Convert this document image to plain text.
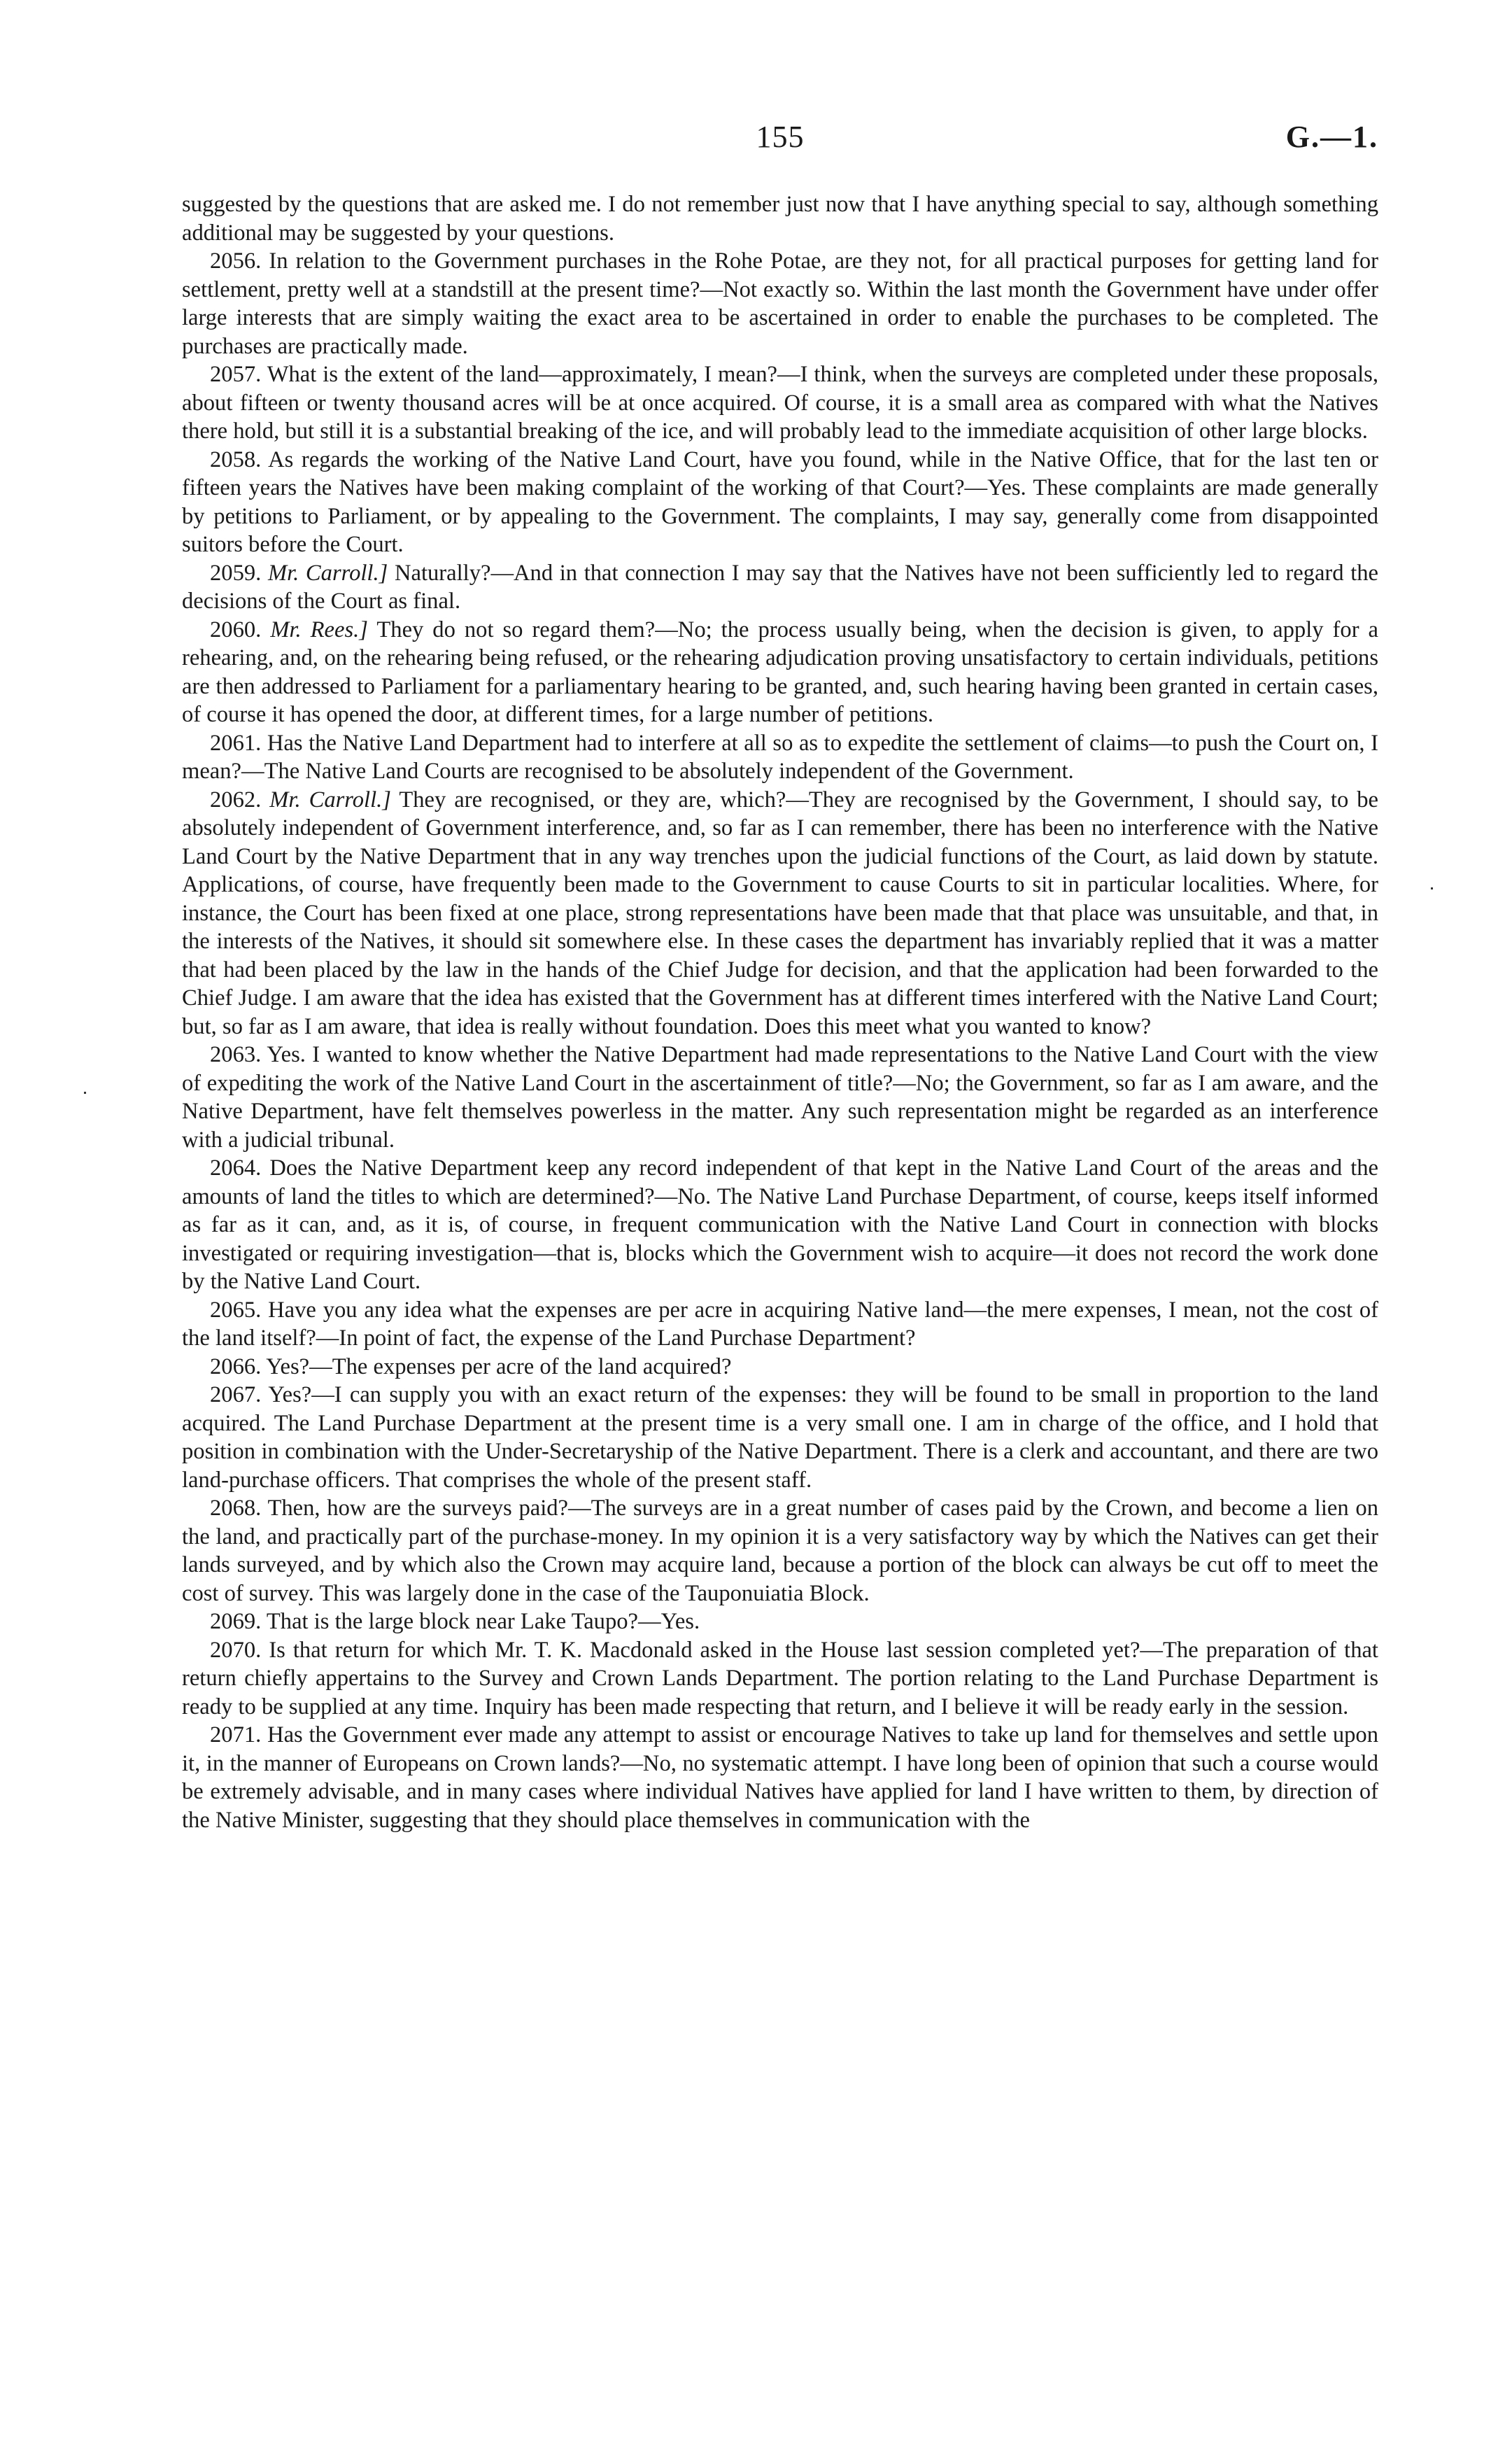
155	G.—1.

suggested by the questions that are asked me. I do not remember just now that I have anything special to say, although something additional may be suggested by your questions.

2056. In relation to the Government purchases in the Rohe Potae, are they not, for all practical purposes for getting land for settlement, pretty well at a standstill at the present time?—Not exactly so. Within the last month the Government have under offer large interests that are simply waiting the exact area to be ascertained in order to enable the purchases to be completed. The purchases are practically made.

2057. What is the extent of the land—approximately, I mean?—I think, when the surveys are completed under these proposals, about fifteen or twenty thousand acres will be at once acquired. Of course, it is a small area as compared with what the Natives there hold, but still it is a substantial breaking of the ice, and will probably lead to the immediate acquisition of other large blocks.

2058. As regards the working of the Native Land Court, have you found, while in the Native Office, that for the last ten or fifteen years the Natives have been making complaint of the working of that Court?—Yes. These complaints are made generally by petitions to Parliament, or by appealing to the Government. The complaints, I may say, generally come from disappointed suitors before the Court.

2059. Mr. Carroll.] Naturally?—And in that connection I may say that the Natives have not been sufficiently led to regard the decisions of the Court as final.

2060. Mr. Rees.] They do not so regard them?—No; the process usually being, when the decision is given, to apply for a rehearing, and, on the rehearing being refused, or the rehearing adjudication proving unsatisfactory to certain individuals, petitions are then addressed to Parliament for a parliamentary hearing to be granted, and, such hearing having been granted in certain cases, of course it has opened the door, at different times, for a large number of petitions.

2061. Has the Native Land Department had to interfere at all so as to expedite the settlement of claims—to push the Court on, I mean?—The Native Land Courts are recognised to be absolutely independent of the Government.

2062. Mr. Carroll.] They are recognised, or they are, which?—They are recognised by the Government, I should say, to be absolutely independent of Government interference, and, so far as I can remember, there has been no interference with the Native Land Court by the Native Department that in any way trenches upon the judicial functions of the Court, as laid down by statute. Applications, of course, have frequently been made to the Government to cause Courts to sit in particular localities. Where, for instance, the Court has been fixed at one place, strong representations have been made that that place was unsuitable, and that, in the interests of the Natives, it should sit somewhere else. In these cases the department has invariably replied that it was a matter that had been placed by the law in the hands of the Chief Judge for decision, and that the application had been forwarded to the Chief Judge. I am aware that the idea has existed that the Government has at different times interfered with the Native Land Court; but, so far as I am aware, that idea is really without foundation. Does this meet what you wanted to know?

2063. Yes. I wanted to know whether the Native Department had made representations to the Native Land Court with the view of expediting the work of the Native Land Court in the ascertainment of title?—No; the Government, so far as I am aware, and the Native Department, have felt themselves powerless in the matter. Any such representation might be regarded as an interference with a judicial tribunal.

2064. Does the Native Department keep any record independent of that kept in the Native Land Court of the areas and the amounts of land the titles to which are determined?—No. The Native Land Purchase Department, of course, keeps itself informed as far as it can, and, as it is, of course, in frequent communication with the Native Land Court in connection with blocks investigated or requiring investigation—that is, blocks which the Government wish to acquire—it does not record the work done by the Native Land Court.

2065. Have you any idea what the expenses are per acre in acquiring Native land—the mere expenses, I mean, not the cost of the land itself?—In point of fact, the expense of the Land Purchase Department?

2066. Yes?—The expenses per acre of the land acquired?

2067. Yes?—I can supply you with an exact return of the expenses: they will be found to be small in proportion to the land acquired. The Land Purchase Department at the present time is a very small one. I am in charge of the office, and I hold that position in combination with the Under-Secretaryship of the Native Department. There is a clerk and accountant, and there are two land-purchase officers. That comprises the whole of the present staff.

2068. Then, how are the surveys paid?—The surveys are in a great number of cases paid by the Crown, and become a lien on the land, and practically part of the purchase-money. In my opinion it is a very satisfactory way by which the Natives can get their lands surveyed, and by which also the Crown may acquire land, because a portion of the block can always be cut off to meet the cost of survey. This was largely done in the case of the Tauponuiatia Block.

2069. That is the large block near Lake Taupo?—Yes.

2070. Is that return for which Mr. T. K. Macdonald asked in the House last session completed yet?—The preparation of that return chiefly appertains to the Survey and Crown Lands Department. The portion relating to the Land Purchase Department is ready to be supplied at any time. Inquiry has been made respecting that return, and I believe it will be ready early in the session.

2071. Has the Government ever made any attempt to assist or encourage Natives to take up land for themselves and settle upon it, in the manner of Europeans on Crown lands?—No, no systematic attempt. I have long been of opinion that such a course would be extremely advisable, and in many cases where individual Natives have applied for land I have written to them, by direction of the Native Minister, suggesting that they should place themselves in communication with the
